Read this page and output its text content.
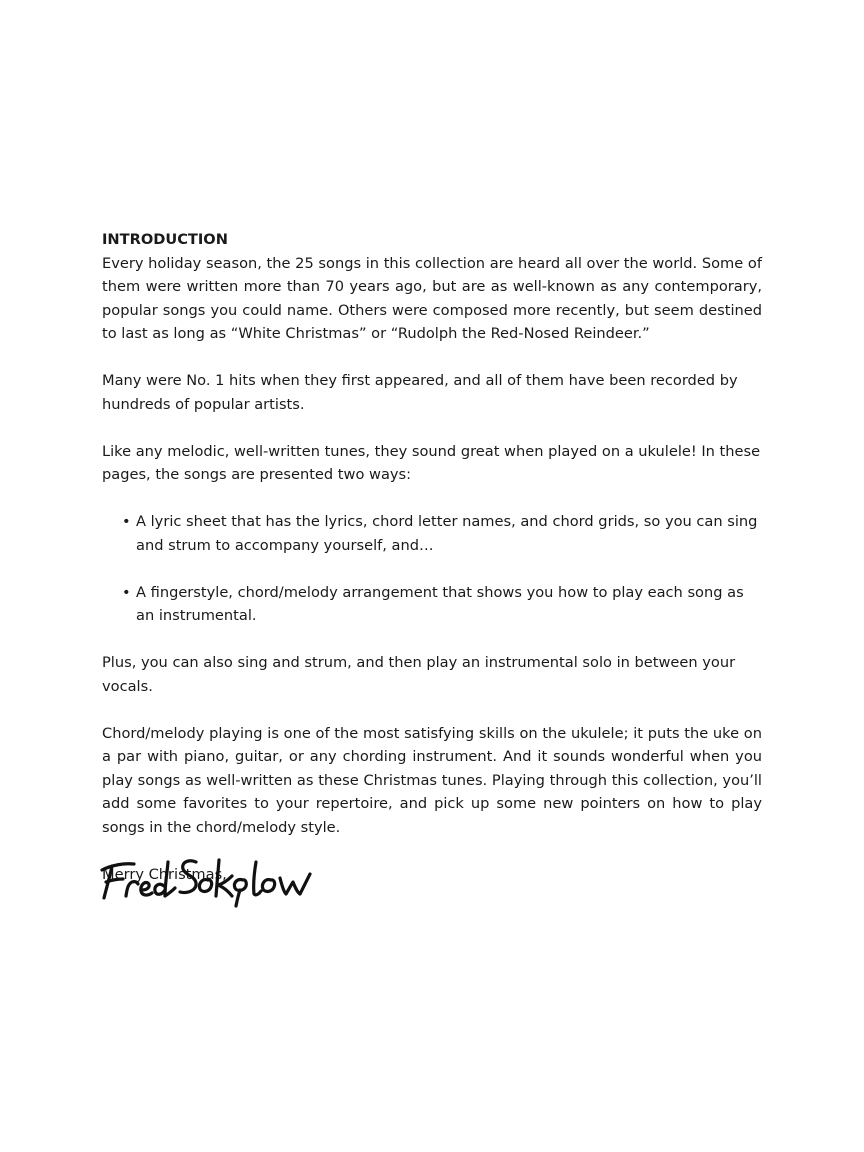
INTRODUCTION

Every holiday season, the 25 songs in this collection are heard all over the world. Some of them were written more than 70 years ago, but are as well-known as any contemporary, popular songs you could name. Others were composed more recently, but seem destined to last as long as “White Christmas” or “Rudolph the Red-Nosed Reindeer.”

Many were No. 1 hits when they first appeared, and all of them have been recorded by hundreds of popular artists.

Like any melodic, well-written tunes, they sound great when played on a ukulele! In these pages, the songs are presented two ways:

• A lyric sheet that has the lyrics, chord letter names, and chord grids, so you can sing and strum to accompany yourself, and…
• A fingerstyle, chord/melody arrangement that shows you how to play each song as an instrumental.

Plus, you can also sing and strum, and then play an instrumental solo in between your vocals.

Chord/melody playing is one of the most satisfying skills on the ukulele; it puts the uke on a par with piano, guitar, or any chording instrument. And it sounds wonderful when you play songs as well-written as these Christmas tunes. Playing through this collection, you’ll add some favorites to your repertoire, and pick up some new pointers on how to play songs in the chord/melody style.

Merry Christmas,
